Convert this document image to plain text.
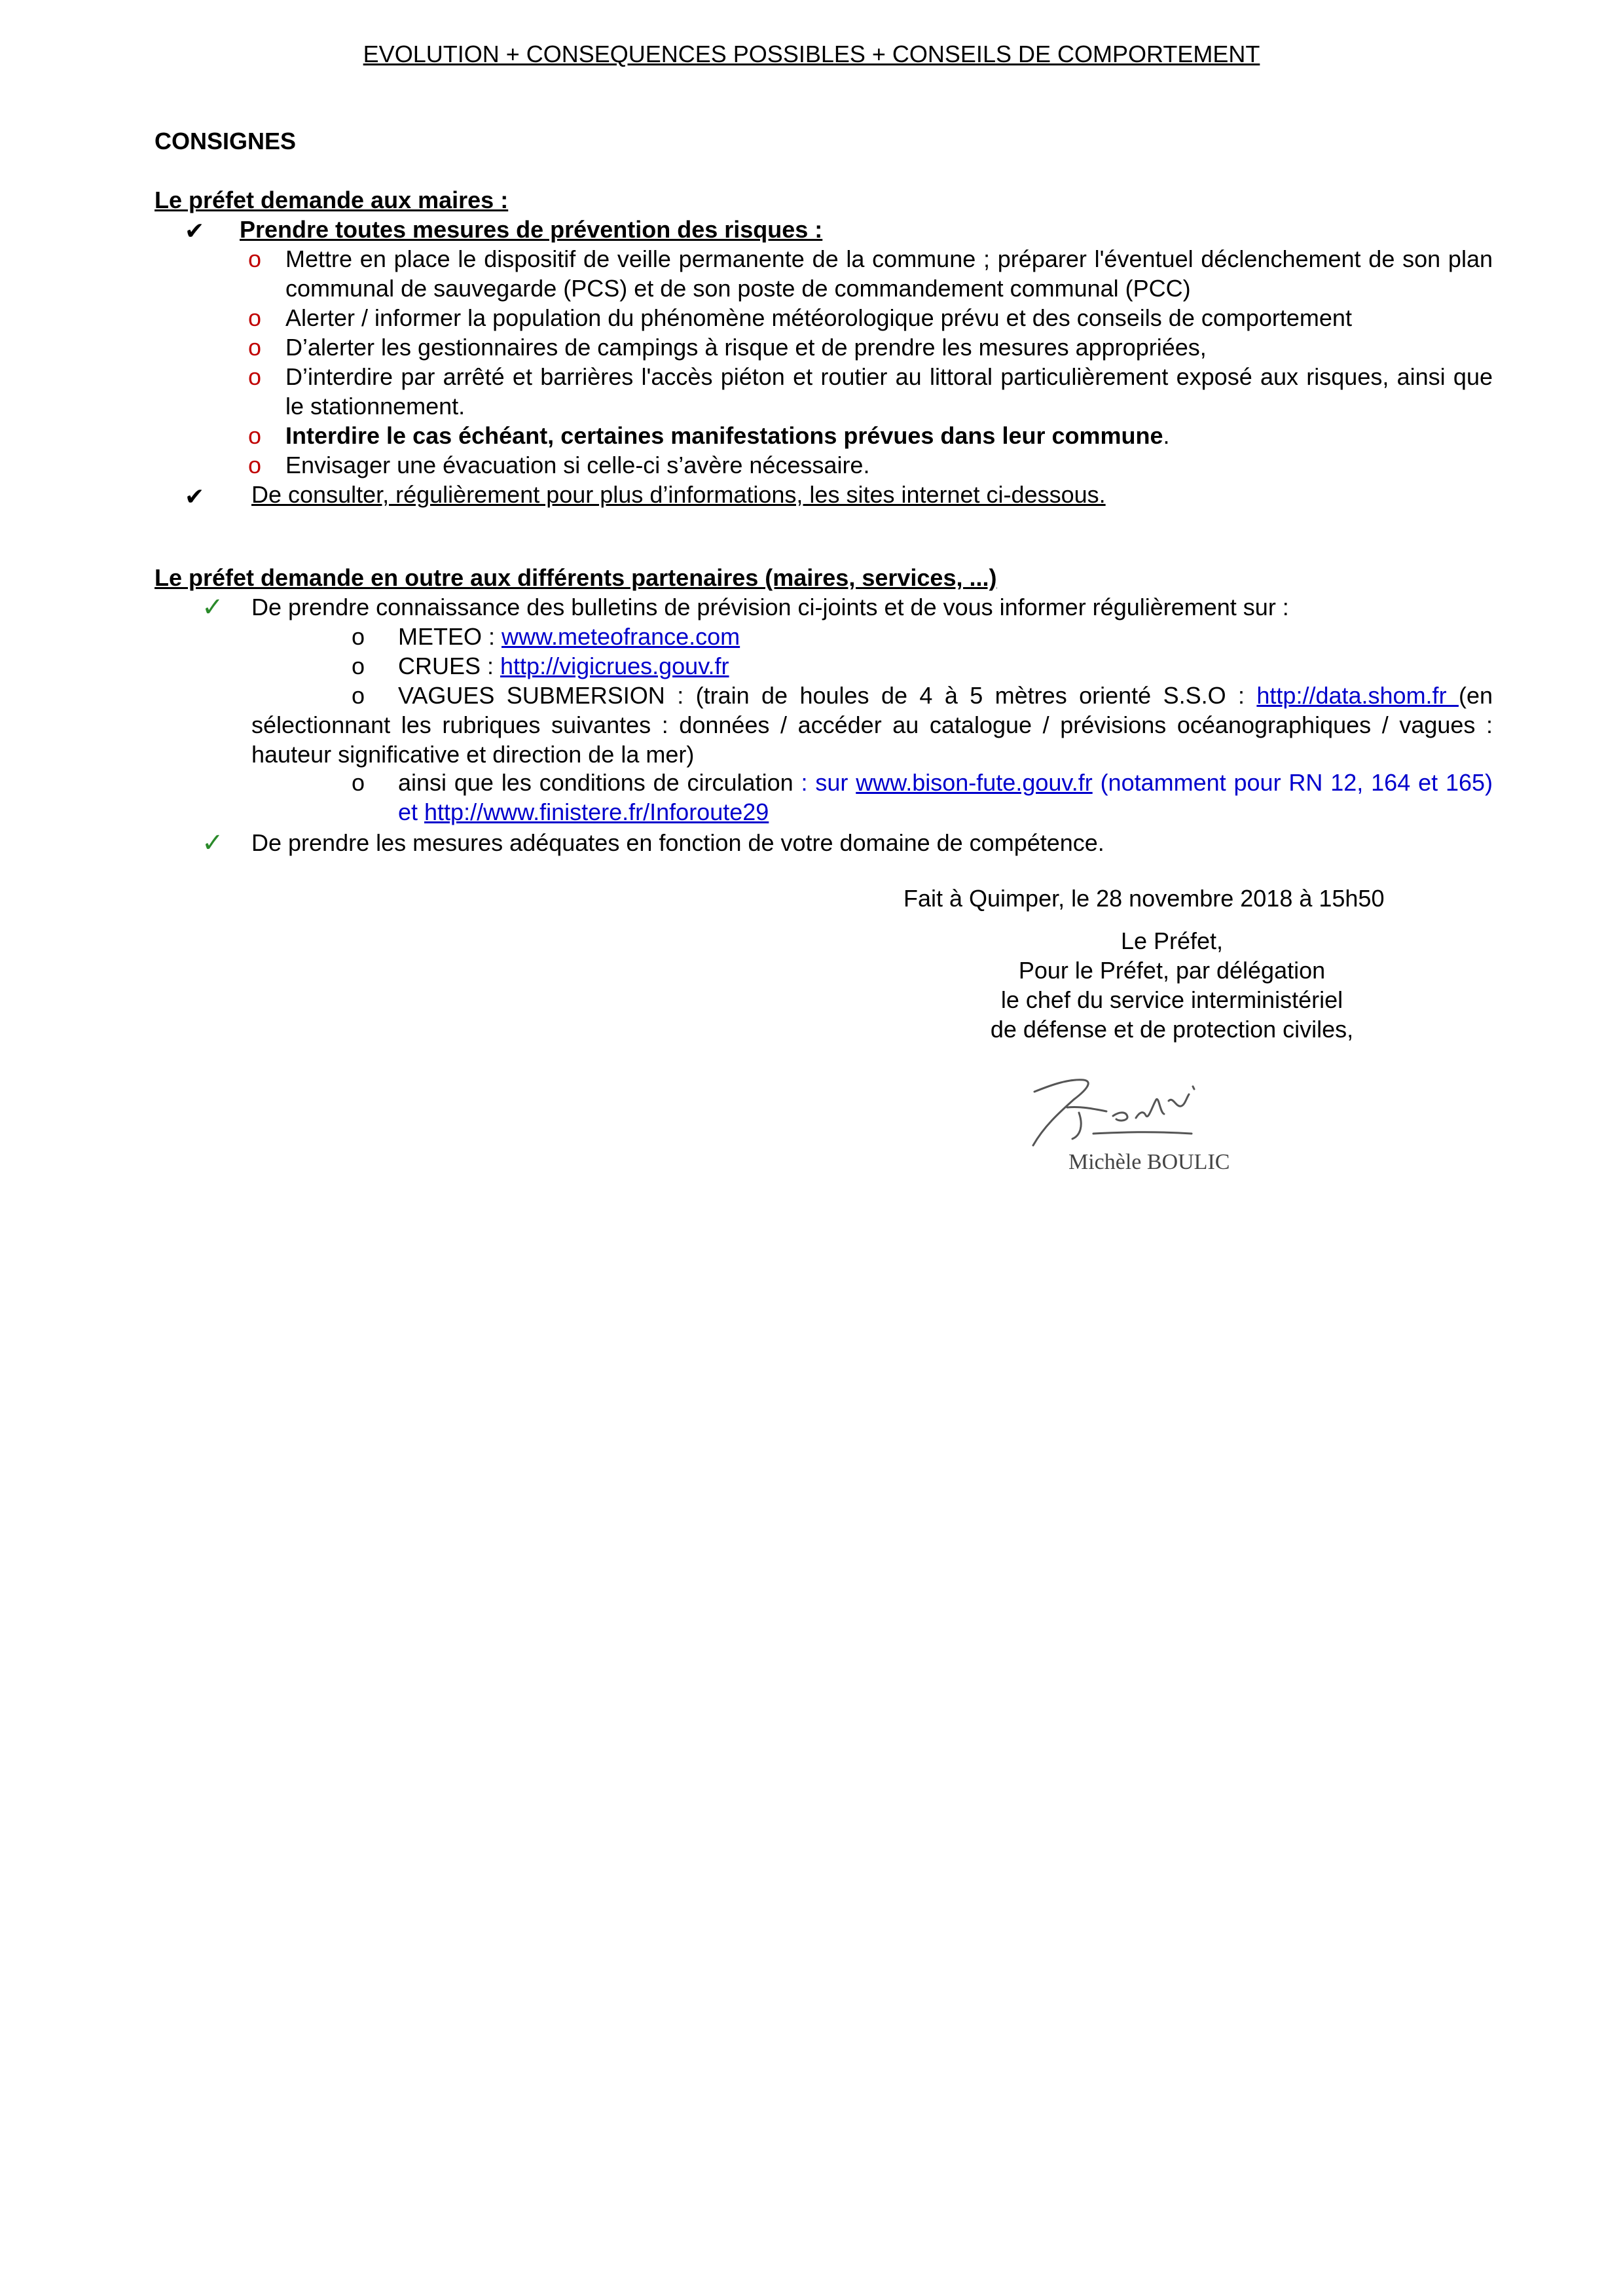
EVOLUTION + CONSEQUENCES POSSIBLES + CONSEILS DE COMPORTEMENT
CONSIGNES
Le préfet demande aux maires :
✔ Prendre toutes mesures de prévention des risques :
o Mettre en place le dispositif de veille permanente de la commune ; préparer l'éventuel déclenchement de son plan communal de sauvegarde (PCS) et de son poste de commandement communal (PCC)
o Alerter / informer la population du phénomène météorologique prévu et des conseils de comportement
o D’alerter les gestionnaires de campings à risque et de prendre les mesures appropriées,
o D’interdire par arrêté et barrières l'accès piéton et routier au littoral particulièrement exposé aux risques, ainsi que le stationnement.
o Interdire le cas échéant, certaines manifestations prévues dans leur commune.
o Envisager une évacuation si celle-ci s’avère nécessaire.
✔ De consulter, régulièrement pour plus d’informations, les sites internet ci-dessous.
Le préfet demande en outre aux différents partenaires (maires, services, ...)
✓ De prendre connaissance des bulletins de prévision ci-joints et de vous informer régulièrement sur :
o METEO : www.meteofrance.com
o CRUES : http://vigicrues.gouv.fr
o	VAGUES SUBMERSION : (train de houles de 4 à 5 mètres orienté S.S.O : http://data.shom.fr (en sélectionnant les rubriques suivantes : données / accéder au catalogue / prévisions océanographiques / vagues : hauteur significative et direction de la mer)
o ainsi que les conditions de circulation : sur www.bison-fute.gouv.fr (notamment pour RN 12, 164 et 165) et http://www.finistere.fr/Inforoute29
✓ De prendre les mesures adéquates en fonction de votre domaine de compétence.
Fait à Quimper, le 28 novembre 2018 à 15h50
Le Préfet,
Pour le Préfet, par délégation
le chef du service interministériel
de défense et de protection civiles,
Michèle BOULIC
